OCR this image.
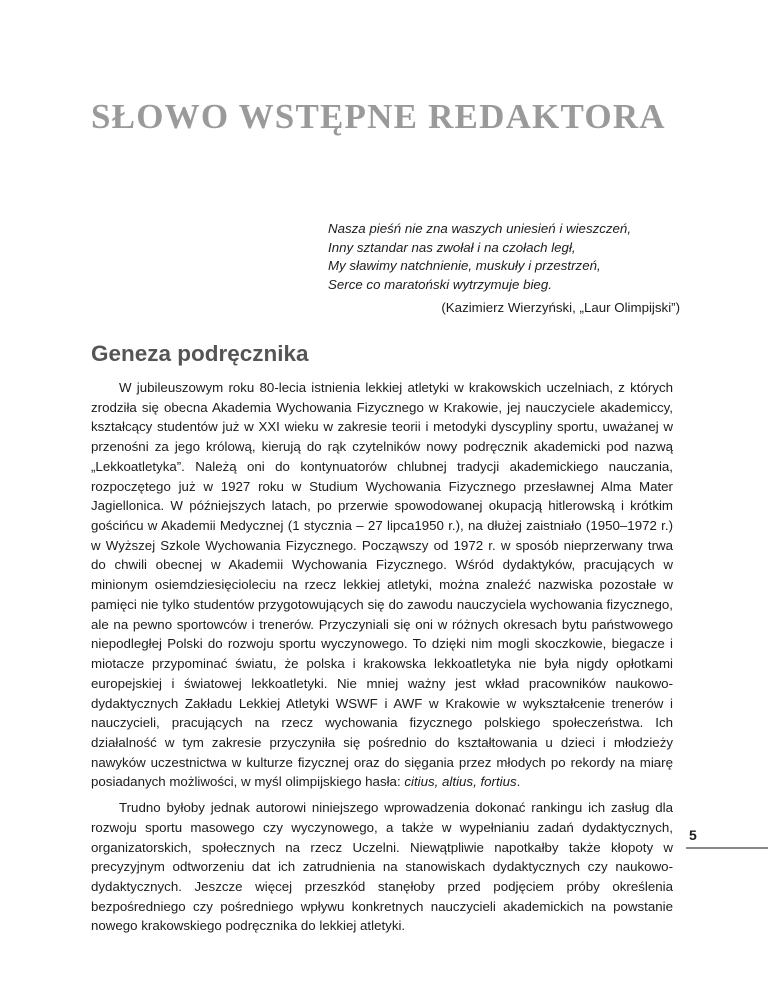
SŁOWO WSTĘPNE REDAKTORA
Nasza pieśń nie zna waszych uniesień i wieszczeń,
Inny sztandar nas zwołał i na czołach legł,
My sławimy natchnienie, muskuły i przestrzeń,
Serce co maratoński wytrzymuje bieg.
(Kazimierz Wierzyński, „Laur Olimpijski”)
Geneza podręcznika

W jubileuszowym roku 80-lecia istnienia lekkiej atletyki w krakowskich uczelniach, z których zrodziła się obecna Akademia Wychowania Fizycznego w Krakowie, jej nauczyciele akademiccy, kształcący studentów już w XXI wieku w zakresie teorii i metodyki dyscypliny sportu, uważanej w przenośni za jego królową, kierują do rąk czytelników nowy podręcznik akademicki pod nazwą „Lekkoatletyka”. Należą oni do kontynuatorów chlubnej tradycji akademickiego nauczania, rozpoczętego już w 1927 roku w Studium Wychowania Fizycznego przesławnej Alma Mater Jagiellonica. W późniejszych latach, po przerwie spowodowanej okupacją hitlerowską i krótkim gościńcu w Akademii Medycznej (1 stycznia – 27 lipca1950 r.), na dłużej zaistniało (1950–1972 r.) w Wyższej Szkole Wychowania Fizycznego. Począwszy od 1972 r. w sposób nieprzerwany trwa do chwili obecnej w Akademii Wychowania Fizycznego. Wśród dydaktyków, pracujących w minionym osiemdziesięcioleciu na rzecz lekkiej atletyki, można znaleźć nazwiska pozostałe w pamięci nie tylko studentów przygotowujących się do zawodu nauczyciela wychowania fizycznego, ale na pewno sportowców i trenerów. Przyczyniali się oni w różnych okresach bytu państwowego niepodległej Polski do rozwoju sportu wyczynowego. To dzięki nim mogli skoczkowie, biegacze i miotacze przypominać światu, że polska i krakowska lekkoatletyka nie była nigdy opłotkami europejskiej i światowej lekkoatletyki. Nie mniej ważny jest wkład pracowników naukowo-dydaktycznych Zakładu Lekkiej Atletyki WSWF i AWF w Krakowie w wykształcenie trenerów i nauczycieli, pracujących na rzecz wychowania fizycznego polskiego społeczeństwa. Ich działalność w tym zakresie przyczyniła się pośrednio do kształtowania u dzieci i młodzieży nawyków uczestnictwa w kulturze fizycznej oraz do sięgania przez młodych po rekordy na miarę posiadanych możliwości, w myśl olimpijskiego hasła: citius, altius, fortius.

Trudno byłoby jednak autorowi niniejszego wprowadzenia dokonać rankingu ich zasług dla rozwoju sportu masowego czy wyczynowego, a także w wypełnianiu zadań dydaktycznych, organizatorskich, społecznych na rzecz Uczelni. Niewątpliwie napotkałby także kłopoty w precyzyjnym odtworzeniu dat ich zatrudnienia na stanowiskach dydaktycznych czy naukowo-dydaktycznych. Jeszcze więcej przeszkód stanęłoby przed podjęciem próby określenia bezpośredniego czy pośredniego wpływu konkretnych nauczycieli akademickich na powstanie nowego krakowskiego podręcznika do lekkiej atletyki.

5
